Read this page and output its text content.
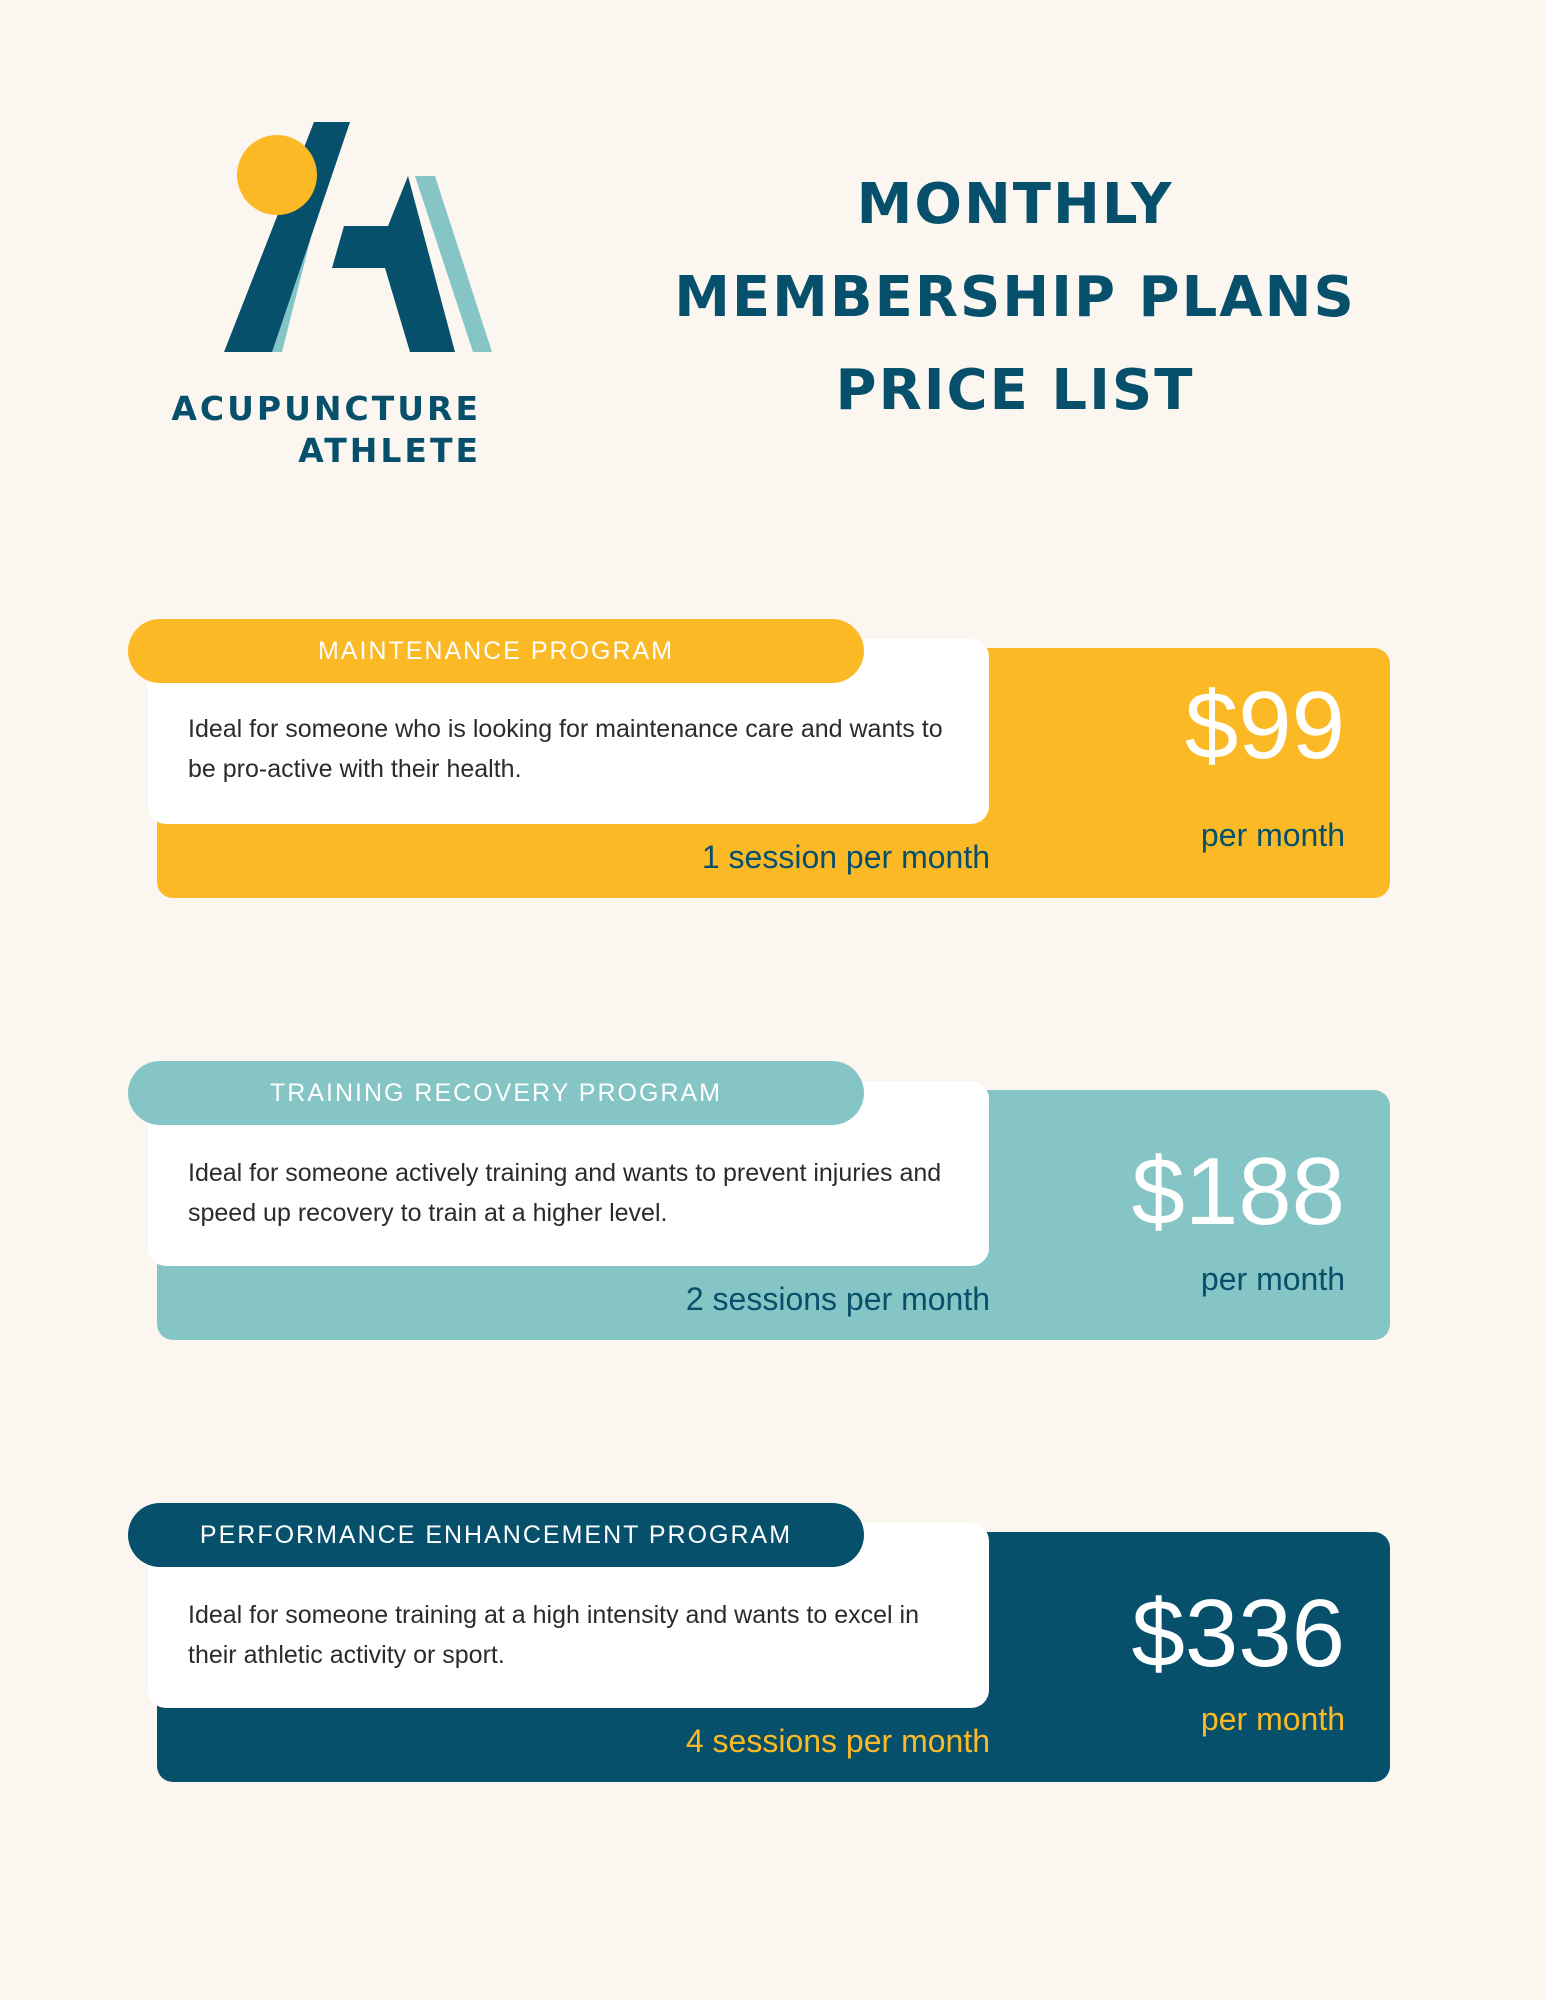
ACUPUNCTURE
ATHLETE
MONTHLY
MEMBERSHIP PLANS
PRICE LIST
MAINTENANCE PROGRAM
Ideal for someone who is looking for maintenance care and wants to be pro-active with their health.
1 session per month
$99
per month
TRAINING RECOVERY PROGRAM
Ideal for someone actively training and wants to prevent injuries and speed up recovery to train at a higher level.
2 sessions per month
$188
per month
PERFORMANCE ENHANCEMENT PROGRAM
Ideal for someone training at a high intensity and wants to excel in their athletic activity or sport.
4 sessions per month
$336
per month
